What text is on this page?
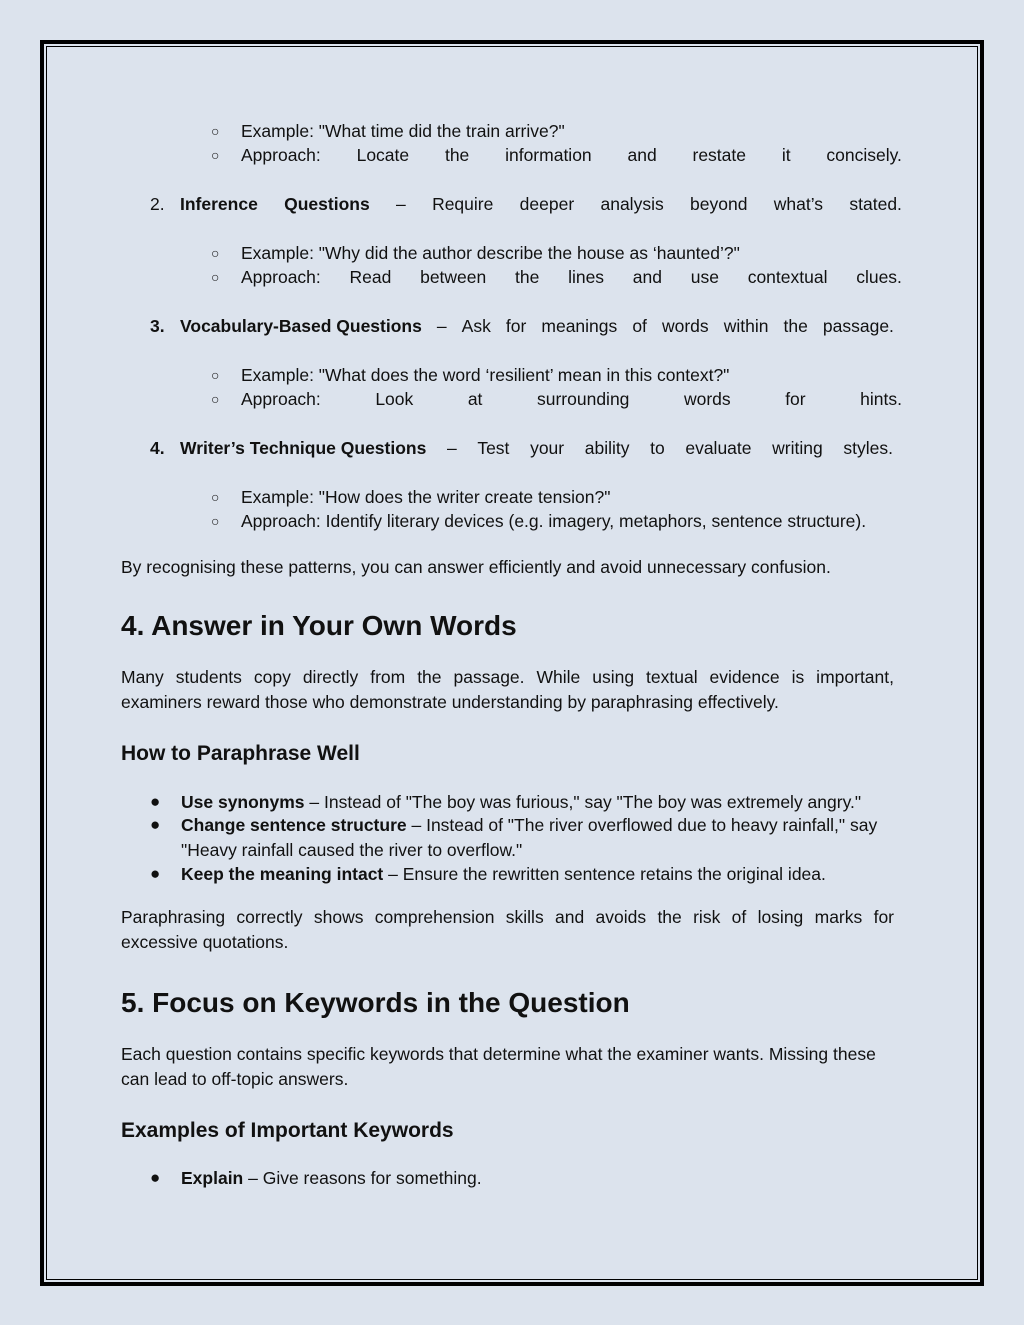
○ Example: "What time did the train arrive?"

○ Approach: Locate the information and restate it concisely.
2. Inference Questions – Require deeper analysis beyond what’s stated.
○ Example: "Why did the author describe the house as ‘haunted’?"

○ Approach: Read between the lines and use contextual clues.
3. Vocabulary-Based Questions – Ask for meanings of words within the passage.
○ Example: "What does the word ‘resilient’ mean in this context?"

○ Approach:	Look	at	surrounding	words	for	hints.
4. Writer’s Technique Questions – Test your ability to evaluate writing styles.
○ Example: "How does the writer create tension?"

○ Approach: Identify literary devices (e.g. imagery, metaphors, sentence structure).

By recognising these patterns, you can answer efficiently and avoid unnecessary confusion.

4. Answer in Your Own Words

Many students copy directly from the passage. While using textual evidence is important, examiners reward those who demonstrate understanding by paraphrasing effectively.

How to Paraphrase Well
● Use synonyms – Instead of "The boy was furious," say "The boy was extremely angry."

● Change sentence structure – Instead of "The river overflowed due to heavy rainfall," say "Heavy rainfall caused the river to overflow."

● Keep the meaning intact – Ensure the rewritten sentence retains the original idea.

Paraphrasing correctly shows comprehension skills and avoids the risk of losing marks for excessive quotations.

5. Focus on Keywords in the Question

Each question contains specific keywords that determine what the examiner wants. Missing these can lead to off-topic answers.

Examples of Important Keywords
● Explain – Give reasons for something.
